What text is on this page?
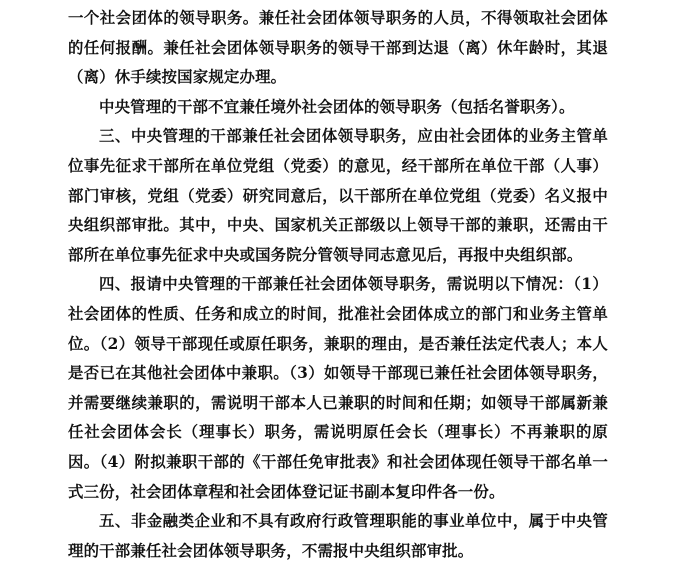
一个社会团体的领导职务。兼任社会团体领导职务的人员，不得领取社会团体的任何报酬。兼任社会团体领导职务的领导干部到达退（离）休年龄时，其退（离）休手续按国家规定办理。

中央管理的干部不宜兼任境外社会团体的领导职务（包括名誉职务）。

三、中央管理的干部兼任社会团体领导职务，应由社会团体的业务主管单位事先征求干部所在单位党组（党委）的意见，经干部所在单位干部（人事）部门审核，党组（党委）研究同意后，以干部所在单位党组（党委）名义报中央组织部审批。其中，中央、国家机关正部级以上领导干部的兼职，还需由干部所在单位事先征求中央或国务院分管领导同志意见后，再报中央组织部。

四、报请中央管理的干部兼任社会团体领导职务，需说明以下情况：（1）社会团体的性质、任务和成立的时间，批准社会团体成立的部门和业务主管单位。（2）领导干部现任或原任职务，兼职的理由，是否兼任法定代表人；本人是否已在其他社会团体中兼职。（3）如领导干部现已兼任社会团体领导职务，并需要继续兼职的，需说明干部本人已兼职的时间和任期；如领导干部属新兼任社会团体会长（理事长）职务，需说明原任会长（理事长）不再兼职的原因。（4）附拟兼职干部的《干部任免审批表》和社会团体现任领导干部名单一式三份，社会团体章程和社会团体登记证书副本复印件各一份。

五、非金融类企业和不具有政府行政管理职能的事业单位中，属于中央管理的干部兼任社会团体领导职务，不需报中央组织部审批。
